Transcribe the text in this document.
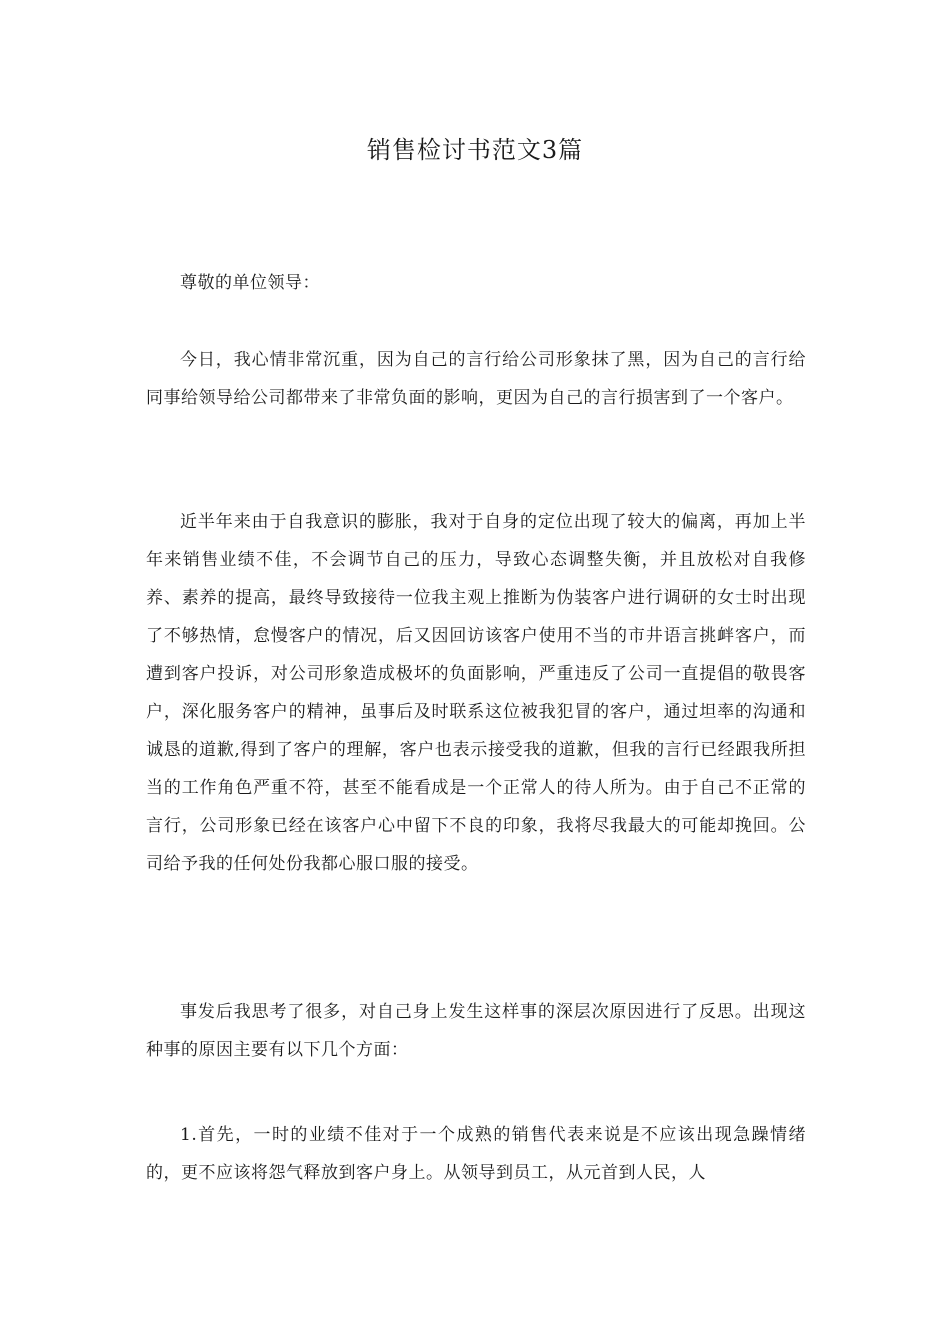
销售检讨书范文3篇

尊敬的单位领导：

今日，我心情非常沉重，因为自己的言行给公司形象抹了黑，因为自己的言行给同事给领导给公司都带来了非常负面的影响，更因为自己的言行损害到了一个客户。

近半年来由于自我意识的膨胀，我对于自身的定位出现了较大的偏离，再加上半年来销售业绩不佳，不会调节自己的压力，导致心态调整失衡，并且放松对自我修养、素养的提高，最终导致接待一位我主观上推断为伪装客户进行调研的女士时出现了不够热情，怠慢客户的情况，后又因回访该客户使用不当的市井语言挑衅客户，而遭到客户投诉，对公司形象造成极坏的负面影响，严重违反了公司一直提倡的敬畏客户，深化服务客户的精神，虽事后及时联系这位被我犯冒的客户，通过坦率的沟通和诚恳的道歉,得到了客户的理解，客户也表示接受我的道歉，但我的言行已经跟我所担当的工作角色严重不符，甚至不能看成是一个正常人的待人所为。由于自己不正常的言行，公司形象已经在该客户心中留下不良的印象，我将尽我最大的可能却挽回。公司给予我的任何处份我都心服口服的接受。

事发后我思考了很多，对自己身上发生这样事的深层次原因进行了反思。出现这种事的原因主要有以下几个方面：

1.首先，一时的业绩不佳对于一个成熟的销售代表来说是不应该出现急躁情绪的，更不应该将怨气释放到客户身上。从领导到员工，从元首到人民，人
